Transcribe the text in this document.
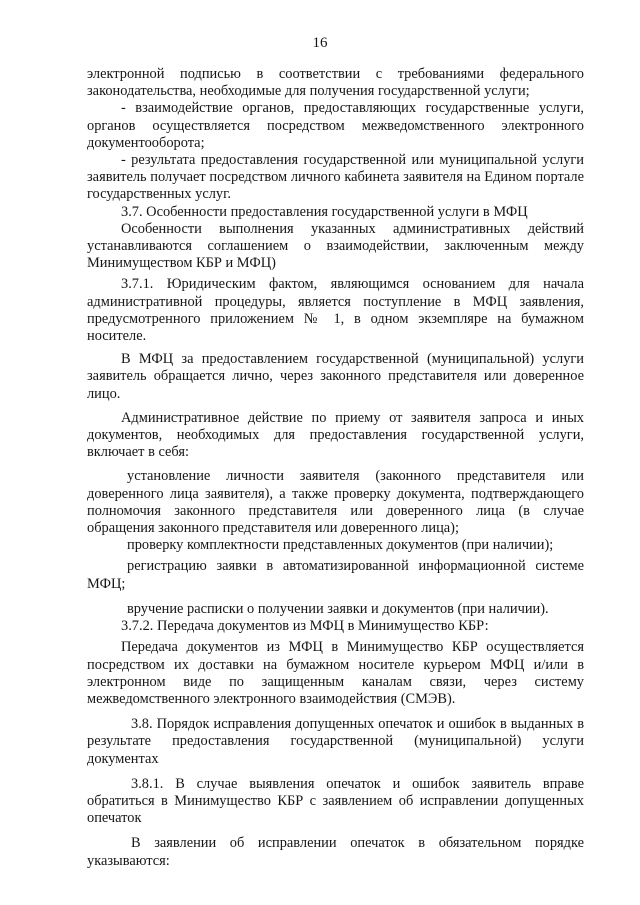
16

электронной подписью в соответствии с требованиями федерального законодательства, необходимые для получения государственной услуги;

- взаимодействие органов, предоставляющих государственные услуги, органов осуществляется посредством межведомственного электронного документооборота;

- результата предоставления государственной или муниципальной услуги заявитель получает посредством личного кабинета заявителя на Едином портале государственных услуг.

3.7. Особенности предоставления государственной услуги в МФЦ

Особенности выполнения указанных административных действий устанавливаются соглашением о взаимодействии, заключенным между Минимуществом КБР и МФЦ)

3.7.1. Юридическим фактом, являющимся основанием для начала административной процедуры, является поступление в МФЦ заявления, предусмотренного приложением № 1, в одном экземпляре на бумажном носителе.

В МФЦ за предоставлением государственной (муниципальной) услуги заявитель обращается лично, через законного представителя или доверенное лицо.

Административное действие по приему от заявителя запроса и иных документов, необходимых для предоставления государственной услуги, включает в себя:

установление личности заявителя (законного представителя или доверенного лица заявителя), а также проверку документа, подтверждающего полномочия законного представителя или доверенного лица (в случае обращения законного представителя или доверенного лица);

проверку комплектности представленных документов (при наличии);

регистрацию заявки в автоматизированной информационной системе МФЦ;

вручение расписки о получении заявки и документов (при наличии).

3.7.2. Передача документов из МФЦ в Минимущество КБР:

Передача документов из МФЦ в Минимущество КБР осуществляется посредством их доставки на бумажном носителе курьером МФЦ и/или в электронном виде по защищенным каналам связи, через систему межведомственного электронного взаимодействия (СМЭВ).

3.8. Порядок исправления допущенных опечаток и ошибок в выданных в результате предоставления государственной (муниципальной) услуги документах

3.8.1. В случае выявления опечаток и ошибок заявитель вправе обратиться в Минимущество КБР с заявлением об исправлении допущенных опечаток

В заявлении об исправлении опечаток в обязательном порядке указываются:
